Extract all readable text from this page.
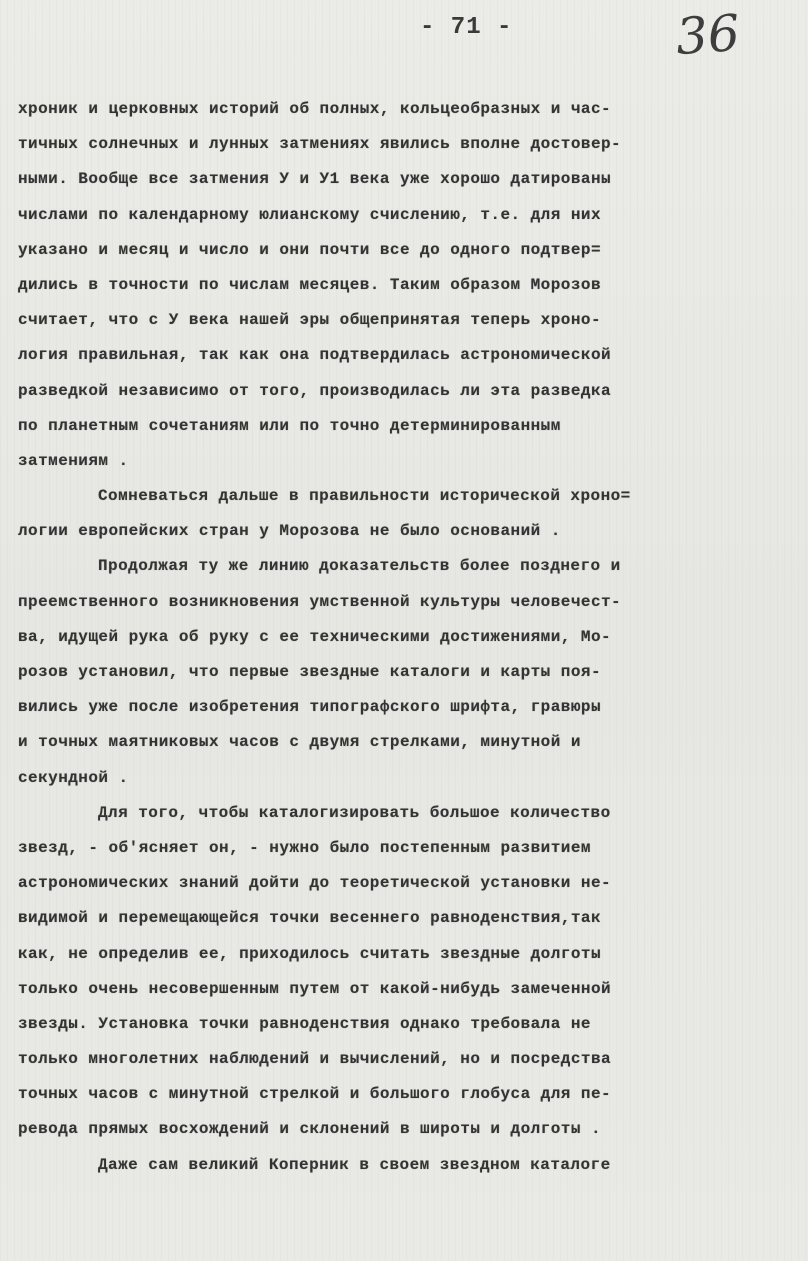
- 71 -	36
хроник и церковных историй об полных, кольцеобразных и час-
тичных солнечных и лунных затмениях явились вполне достовер-
ными. Вообще все затмения У и У1 века уже хорошо датированы
числами по календарному юлианскому счислению, т.е. для них
указано и месяц и число и они почти все до одного подтвер=
дились в точности по числам месяцев. Таким образом Морозов
считает, что с У века нашей эры общепринятая теперь хроно-
логия правильная, так как она подтвердилась астрономической
разведкой независимо от того, производилась ли эта разведка
по планетным сочетаниям или по точно детерминированным
затмениям .
Сомневаться дальше в правильности исторической хроно=
логии европейских стран у Морозова не было оснований .
Продолжая ту же линию доказательств более позднего и
преемственного возникновения умственной культуры человечест-
ва, идущей рука об руку с ее техническими достижениями, Мо-
розов установил, что первые звездные каталоги и карты поя-
вились уже после изобретения типографского шрифта, гравюры
и точных маятниковых часов с двумя стрелками, минутной и
секундной .
Для того, чтобы каталогизировать большое количество
звезд, - об'ясняет он, - нужно было постепенным развитием
астрономических знаний дойти до теоретической установки не-
видимой и перемещающейся точки весеннего равноденствия,так
как, не определив ее, приходилось считать звездные долготы
только очень несовершенным путем от какой-нибудь замеченной
звезды. Установка точки равноденствия однако требовала не
только многолетних наблюдений и вычислений, но и посредства
точных часов с минутной стрелкой и большого глобуса для пе-
ревода прямых восхождений и склонений в широты и долготы .
Даже сам великий Коперник в своем звездном каталоге
